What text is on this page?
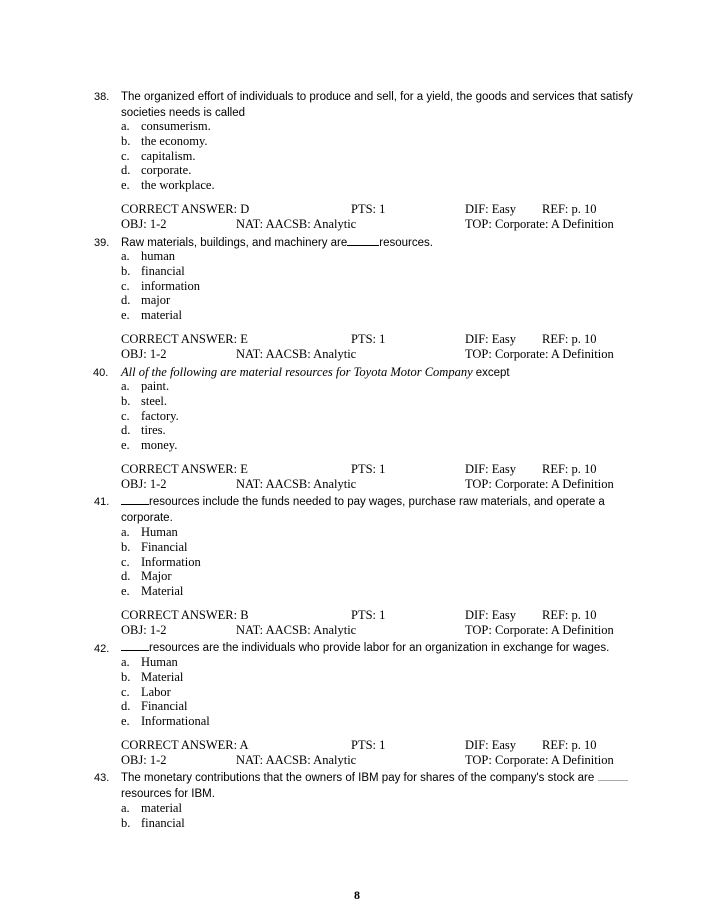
38. The organized effort of individuals to produce and sell, for a yield, the goods and services that satisfy societies needs is called
a. consumerism.
b. the economy.
c. capitalism.
d. corporate.
e. the workplace.
CORRECT ANSWER: D	PTS: 1	DIF: Easy REF: p. 10
OBJ: 1-2	NAT: AACSB: Analytic	TOP: Corporate: A Definition
39. Raw materials, buildings, and machinery are	resources.
a. human
b. financial
c. information
d. major
e. material
CORRECT ANSWER: E	PTS: 1	DIF: Easy REF: p. 10
OBJ: 1-2	NAT: AACSB: Analytic	TOP: Corporate: A Definition
40. All of the following are material resources for Toyota Motor Company except
a. paint.
b. steel.
c. factory.
d. tires.
e. money.
CORRECT ANSWER: E	PTS: 1	DIF: Easy REF: p. 10
OBJ: 1-2	NAT: AACSB: Analytic	TOP: Corporate: A Definition
41.	resources include the funds needed to pay wages, purchase raw materials, and operate a corporate.
a. Human
b. Financial
c. Information
d. Major
e. Material
CORRECT ANSWER: B	PTS: 1	DIF: Easy REF: p. 10
OBJ: 1-2	NAT: AACSB: Analytic	TOP: Corporate: A Definition
42.	resources are the individuals who provide labor for an organization in exchange for wages.
a. Human
b. Material
c. Labor
d. Financial
e. Informational
CORRECT ANSWER: A	PTS: 1	DIF: Easy REF: p. 10
OBJ: 1-2	NAT: AACSB: Analytic	TOP: Corporate: A Definition
43. The monetary contributions that the owners of IBM pay for shares of the company's stock are  resources for IBM.
a. material
b. financial
8
